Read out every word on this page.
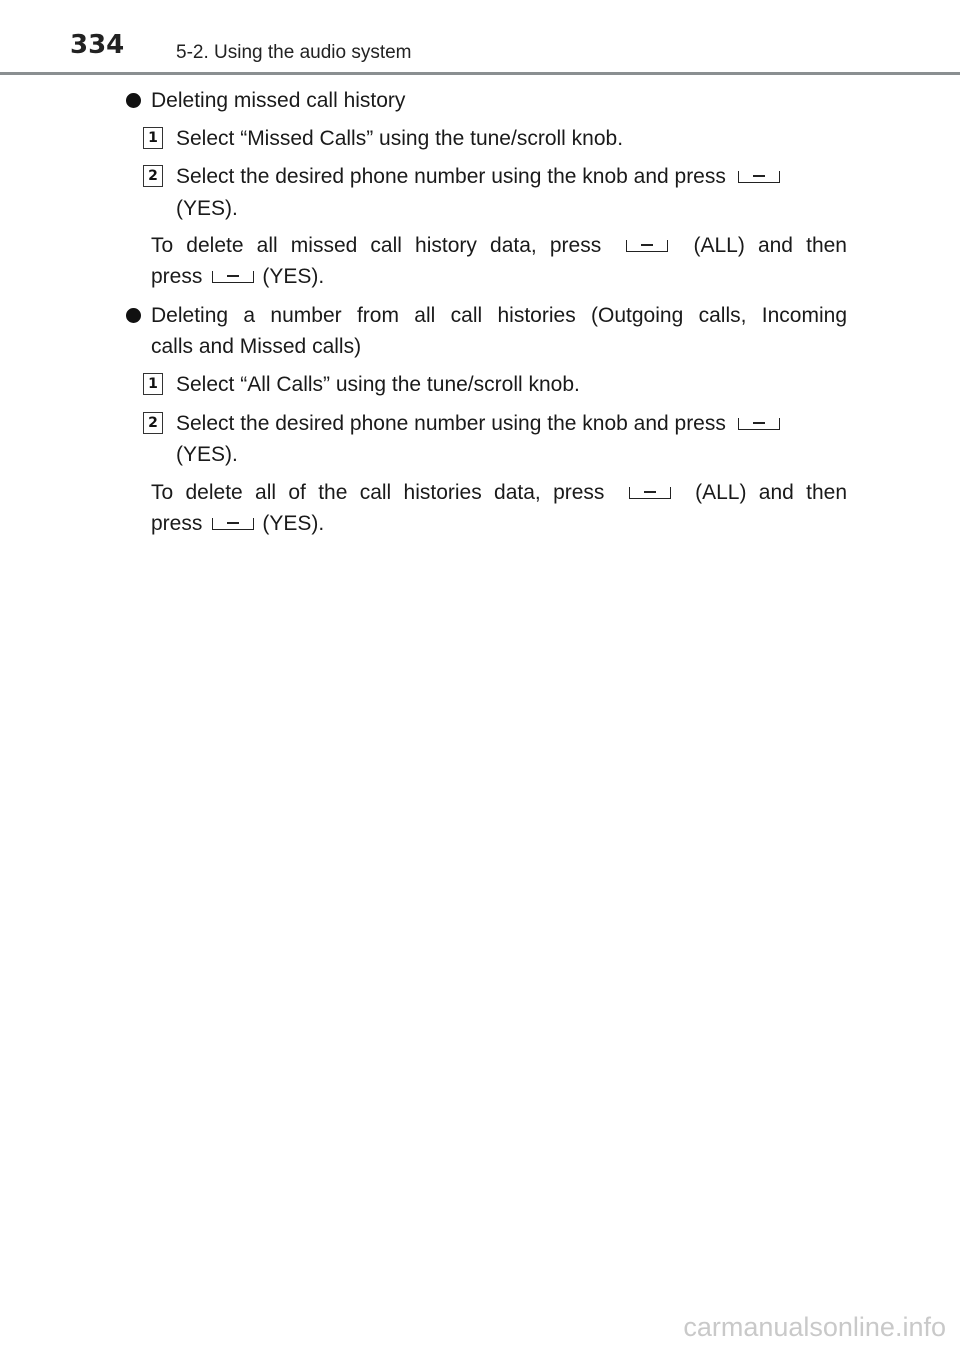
334	5-2. Using the audio system
Deleting missed call history
1 Select “Missed Calls” using the tune/scroll knob.
2 Select the desired phone number using the knob and press
(YES).
To delete all missed call history data, press	(ALL) and then
press	(YES).
Deleting a number from all call histories (Outgoing calls, Incoming
calls and Missed calls)
1 Select “All Calls” using the tune/scroll knob.
2 Select the desired phone number using the knob and press
(YES).
To delete all of the call histories data, press	(ALL) and then
press	(YES).
carmanualsonline.info
